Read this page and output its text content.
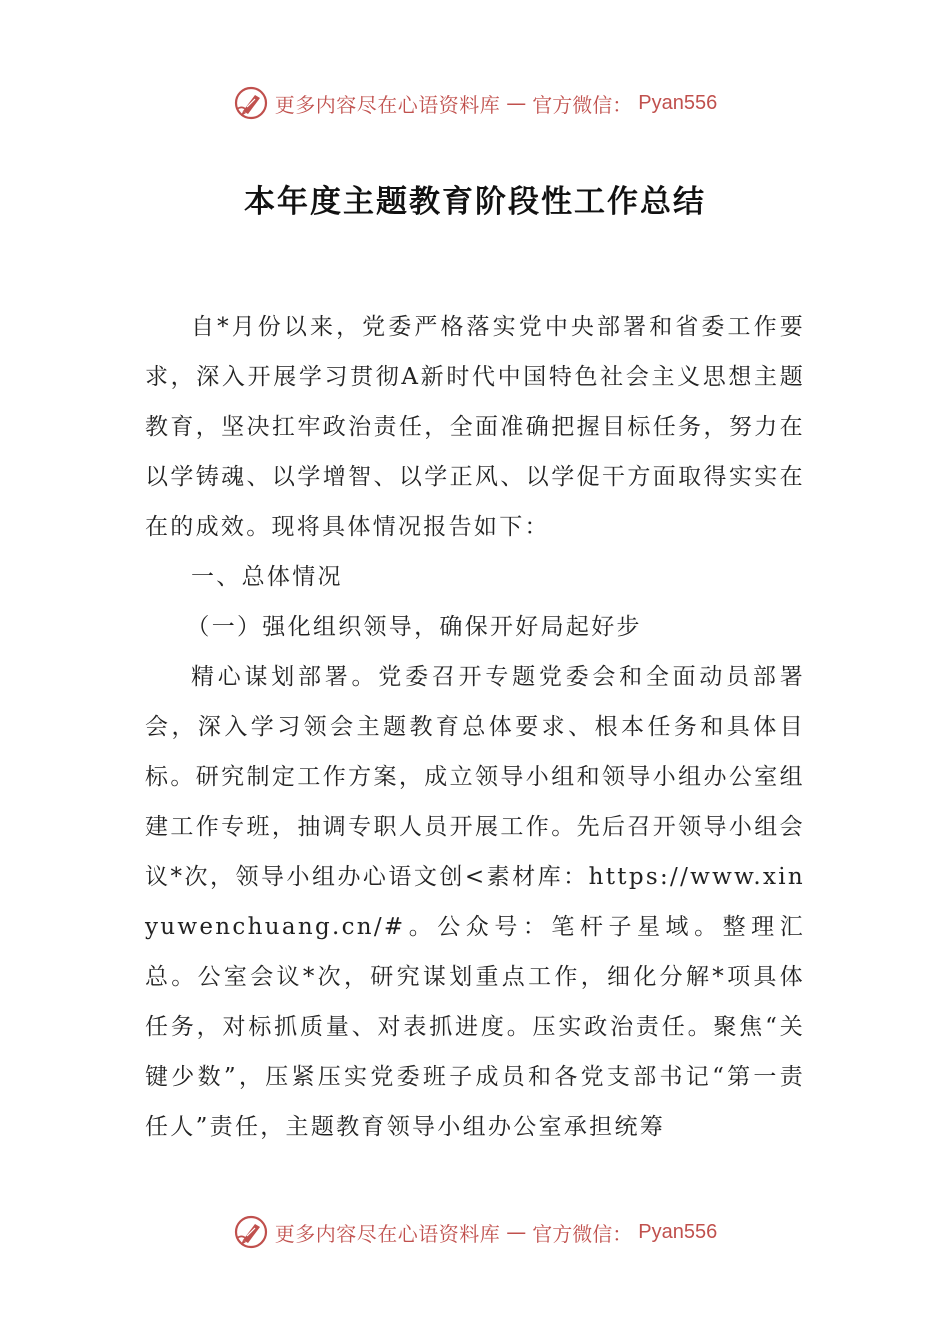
更多内容尽在心语资料库 — 官方微信： Pyan556
本年度主题教育阶段性工作总结

自*月份以来，党委严格落实党中央部署和省委工作要求，深入开展学习贯彻A新时代中国特色社会主义思想主题教育，坚决扛牢政治责任，全面准确把握目标任务，努力在以学铸魂、以学增智、以学正风、以学促干方面取得实实在在的成效。现将具体情况报告如下：

一、总体情况

（一）强化组织领导，确保开好局起好步

精心谋划部署。党委召开专题党委会和全面动员部署会，深入学习领会主题教育总体要求、根本任务和具体目标。研究制定工作方案，成立领导小组和领导小组办公室组建工作专班，抽调专职人员开展工作。先后召开领导小组会议*次，领导小组办心语文创<素材库：https://www.xinyuwenchuang.cn/#。公众号：笔杆子星域。整理汇总。公室会议*次，研究谋划重点工作，细化分解*项具体任务，对标抓质量、对表抓进度。压实政治责任。聚焦“关键少数”，压紧压实党委班子成员和各党支部书记“第一责任人”责任，主题教育领导小组办公室承担统筹

更多内容尽在心语资料库 — 官方微信： Pyan556
